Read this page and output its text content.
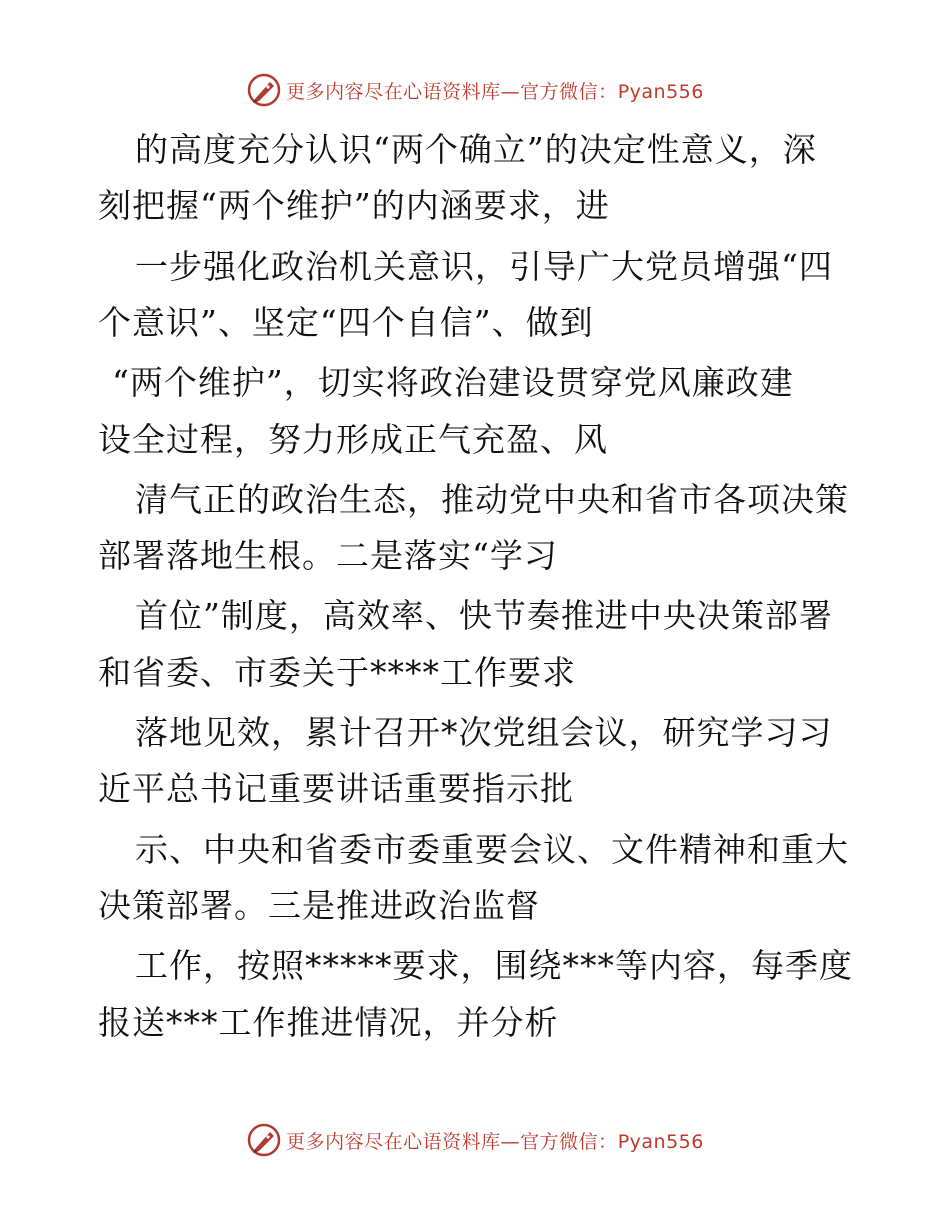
更多内容尽在心语资料库—官方微信：Pyan556
的高度充分认识“两个确立”的决定性意义，深
刻把握“两个维护”的内涵要求，进
一步强化政治机关意识，引导广大党员增强“四
个意识”、坚定“四个自信”、做到
“两个维护”，切实将政治建设贯穿党风廉政建
设全过程，努力形成正气充盈、风
清气正的政治生态，推动党中央和省市各项决策
部署落地生根。二是落实“学习
首位”制度，高效率、快节奏推进中央决策部署
和省委、市委关于****工作要求
落地见效，累计召开*次党组会议，研究学习习
近平总书记重要讲话重要指示批
示、中央和省委市委重要会议、文件精神和重大
决策部署。三是推进政治监督
工作，按照*****要求，围绕***等内容，每季度
报送***工作推进情况，并分析
更多内容尽在心语资料库—官方微信：Pyan556
